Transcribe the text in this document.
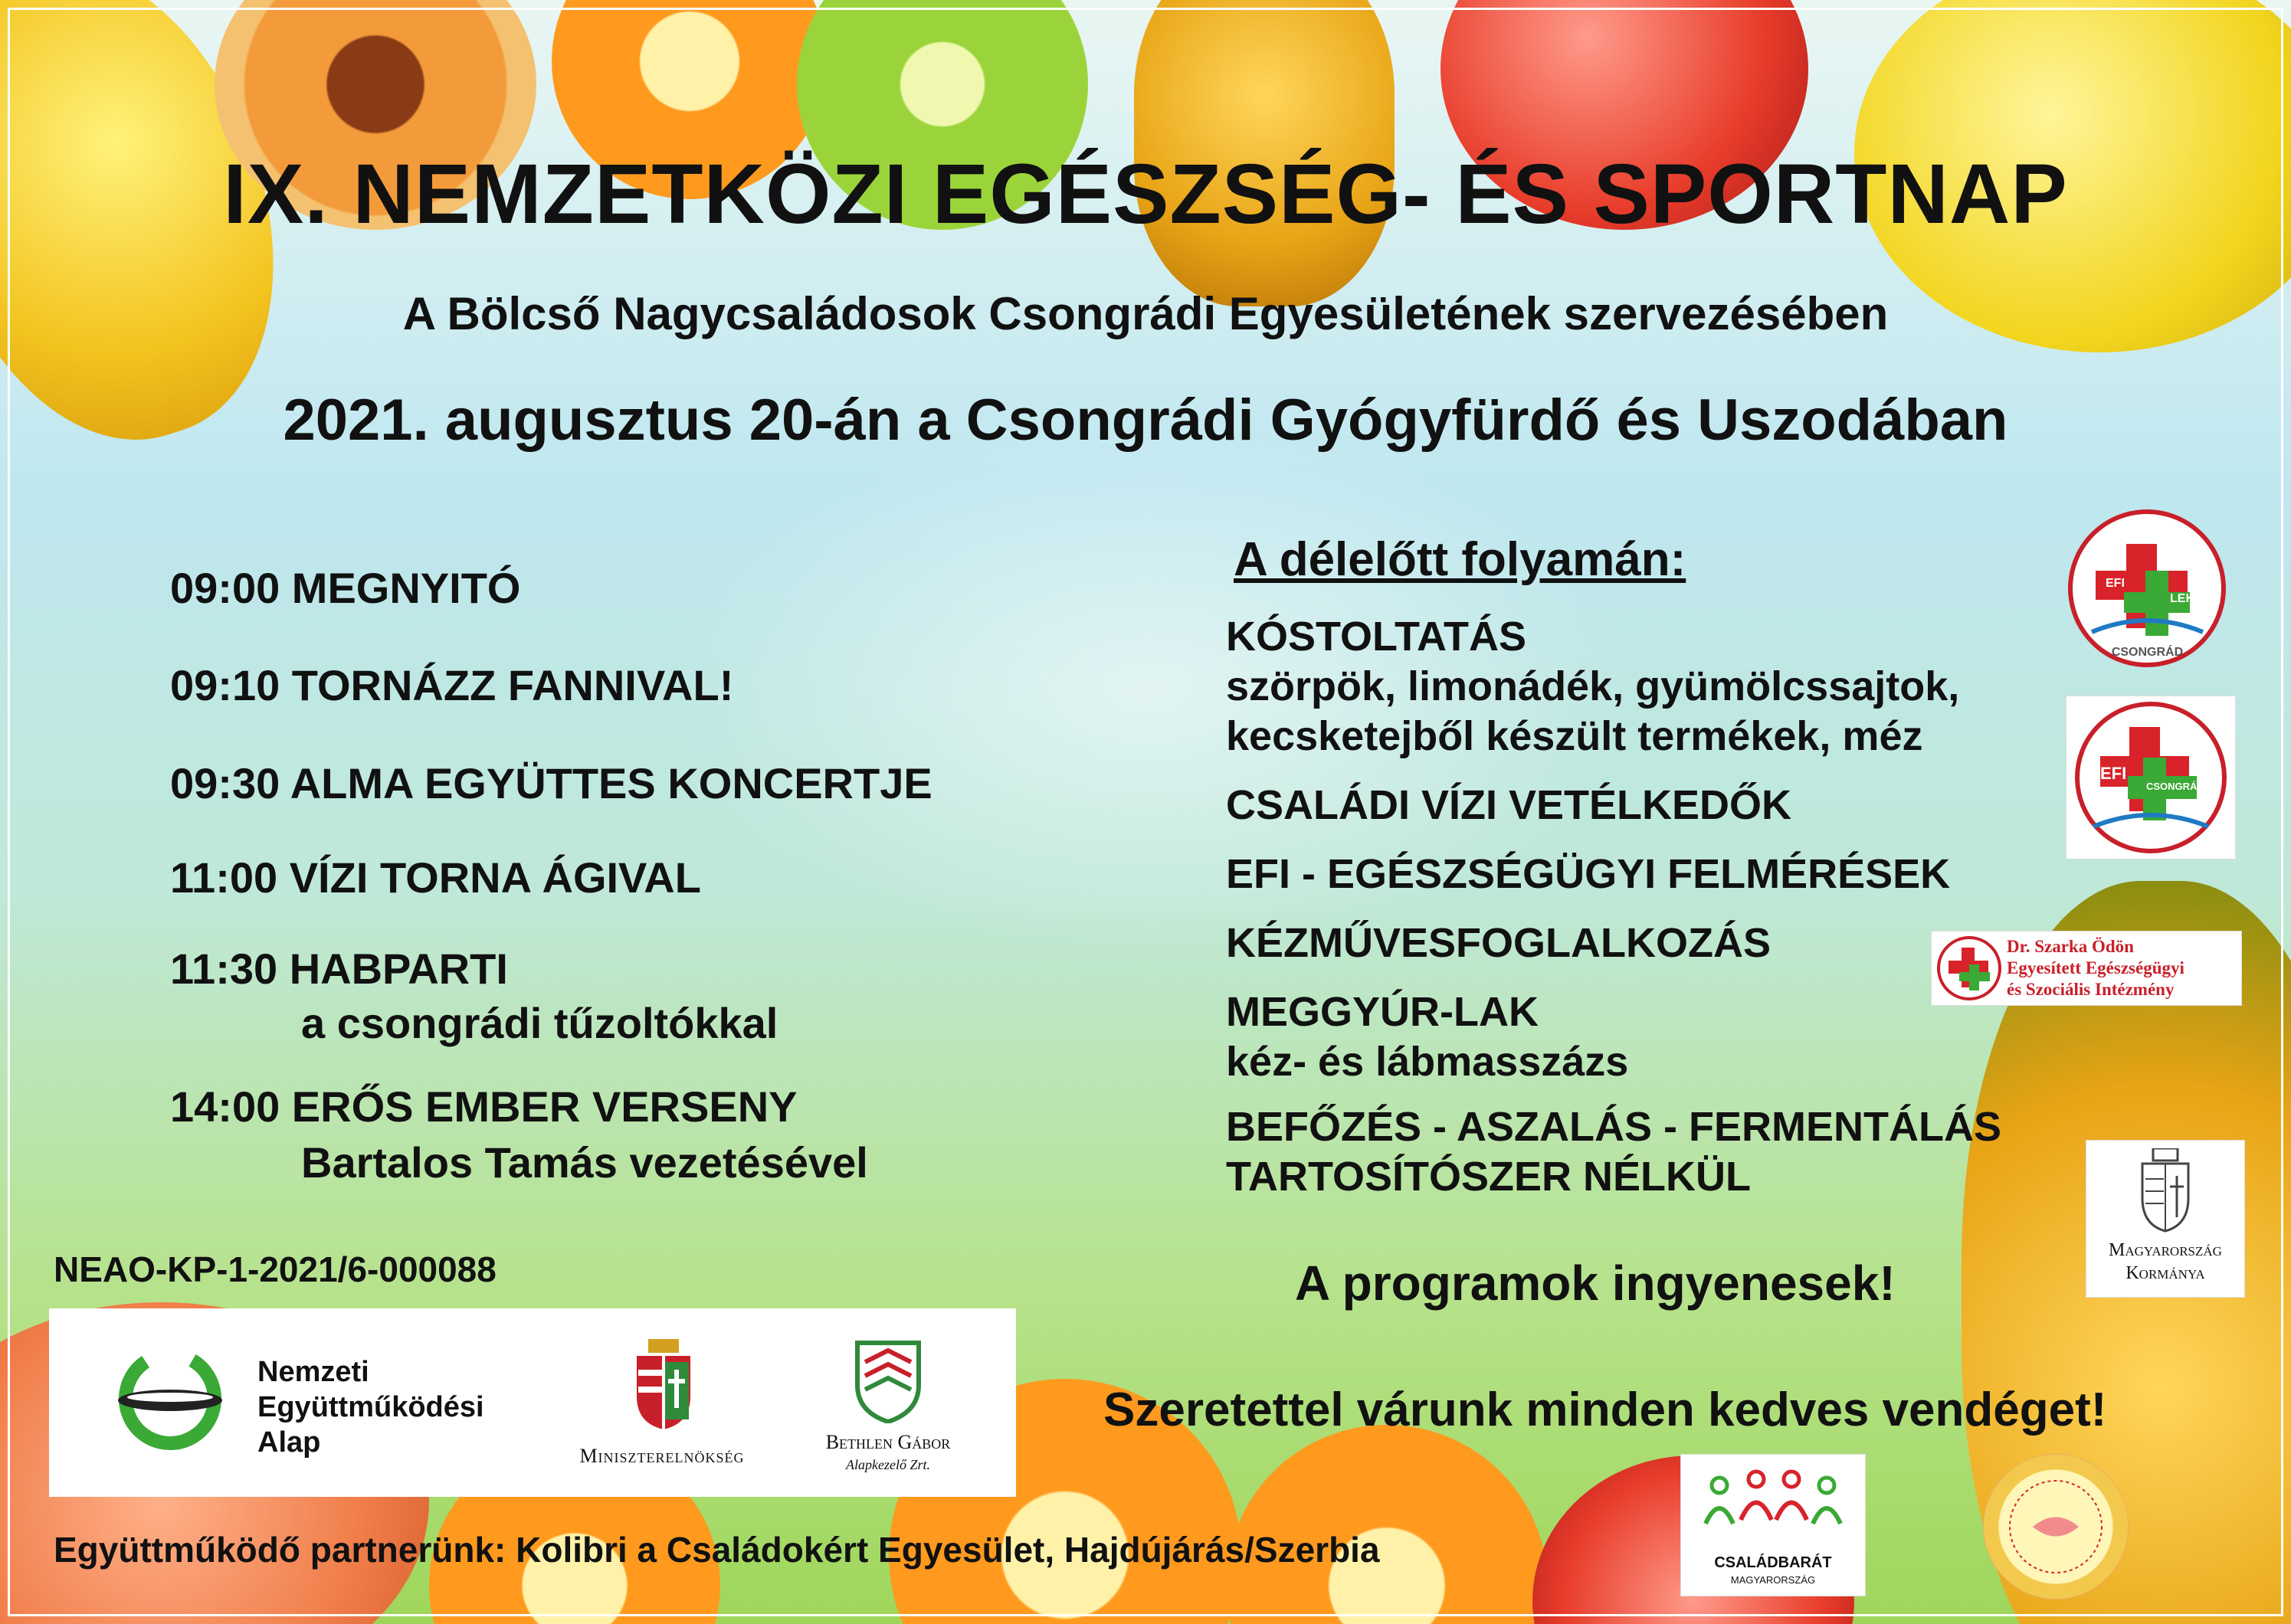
IX. NEMZETKÖZI EGÉSZSÉG- ÉS SPORTNAP
A Bölcső Nagycsaládosok Csongrádi Egyesületének szervezésében
2021. augusztus 20-án a Csongrádi Gyógyfürdő és Uszodában
09:00 MEGNYITÓ
09:10 TORNÁZZ FANNIVAL!
09:30 ALMA EGYÜTTES KONCERTJE
11:00 VÍZI TORNA ÁGIVAL
11:30 HABPARTI
a csongrádi tűzoltókkal
14:00 ERŐS EMBER VERSENY
Bartalos Tamás vezetésével
A délelőtt folyamán:
KÓSTOLTATÁS
szörpök, limonádék, gyümölcssajtok,
kecsketejből készült termékek, méz
CSALÁDI VÍZI VETÉLKEDŐK
EFI - EGÉSZSÉGÜGYI FELMÉRÉSEK
KÉZMŰVESFOGLALKOZÁS
MEGGYÚR-LAK
kéz- és lábmasszázs
BEFŐZÉS - ASZALÁS - FERMENTÁLÁS
TARTOSÍTÓSZER NÉLKÜL
A programok ingyenesek!
Szeretettel várunk minden kedves vendéget!
NEAO-KP-1-2021/6-000088
Együttműködő partnerünk: Kolibri a Családokért Egyesület, Hajdújárás/Szerbia
Nemzeti
Együttműködési
Alap	Miniszterelnökség
Bethlen Gábor
Alapkezelő Zrt.
EFI
LEK
CSONGRÁD
EFI
CSONGRÁD
Dr. Szarka Ödön
Egyesített Egészségügyi
és Szociális Intézmény
Magyarország
Kormánya
CSALÁDBARÁT
MAGYARORSZÁG
